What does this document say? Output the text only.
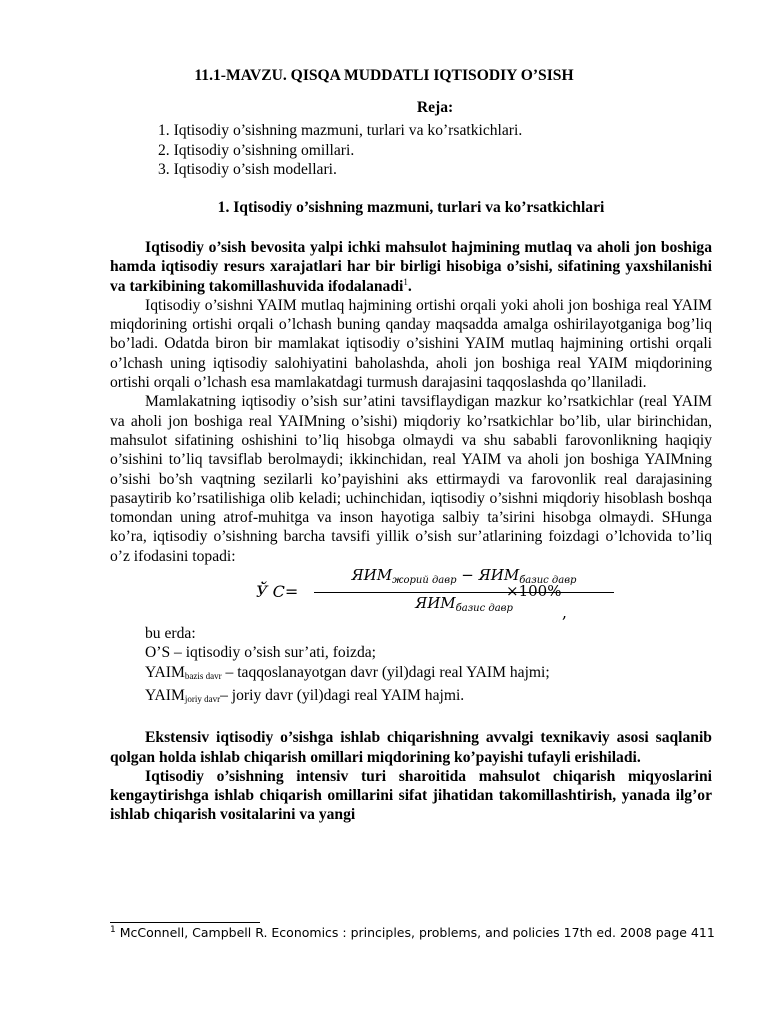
11.1-MAVZU. QISQA MUDDATLI IQTISODIY O’SISH
Reja:
1. Iqtisodiy o’sishning mazmuni, turlari va ko’rsatkichlari.
2. Iqtisodiy o’sishning omillari.
3. Iqtisodiy o’sish modellari.
1. Iqtisodiy o’sishning mazmuni, turlari va ko’rsatkichlari

Iqtisodiy o’sish bevosita yalpi ichki mahsulot hajmining mutlaq va aholi jon boshiga hamda iqtisodiy resurs xarajatlari har bir birligi hisobiga o’sishi, sifatining yaxshilanishi va tarkibining takomillashuvida ifodalanadi$^1$.

Iqtisodiy o’sishni YAIM mutlaq hajmining ortishi orqali yoki aholi jon boshiga real YAIM miqdorining ortishi orqali o’lchash buning qanday maqsadda amalga oshirilayotganiga bog’liq bo’ladi. Odatda biron bir mamlakat iqtisodiy o’sishini YAIM mutlaq hajmining ortishi orqali o’lchash uning iqtisodiy salohiyatini baholashda, aholi jon boshiga real YAIM miqdorining ortishi orqali o’lchash esa mamlakatdagi turmush darajasini taqqoslashda qo’llaniladi.

Mamlakatning iqtisodiy o’sish sur’atini tavsiflaydigan mazkur ko’rsatkichlar (real YAIM va aholi jon boshiga real YAIMning o’sishi) miqdoriy ko’rsatkichlar bo’lib, ular birinchidan, mahsulot sifatining oshishini to’liq hisobga olmaydi va shu sababli farovonlikning haqiqiy o’sishini to’liq tavsiflab berolmaydi; ikkinchidan, real YAIM va aholi jon boshiga YAIMning o’sishi bo’sh vaqtning sezilarli ko’payishini aks ettirmaydi va farovonlik real darajasining pasaytirib ko’rsatilishiga olib keladi; uchinchidan, iqtisodiy o’sishni miqdoriy hisoblash boshqa tomondan uning atrof-muhitga va inson hayotiga salbiy ta’sirini hisobga olmaydi. SHunga ko’ra, iqtisodiy o’sishning barcha tavsifi yillik o’sish sur’atlarining foizdagi o’lchovida to’liq o’z ifodasini topadi:

Ў С=
$ЯИМ_{жорий давр} - ЯИМ_{базис давр}$
$ЯИМ_{базис давр}$
×100%
,

bu erda:

O’S – iqtisodiy o’sish sur’ati, foizda;

YAIMbazis davr – taqqoslanayotgan davr (yil)dagi real YAIM hajmi;

YAIMjoriy davr– joriy davr (yil)dagi real YAIM hajmi.

Ekstensiv iqtisodiy o’sishga ishlab chiqarishning avvalgi texnikaviy asosi saqlanib qolgan holda ishlab chiqarish omillari miqdorining ko’payishi tufayli erishiladi.

Iqtisodiy o’sishning intensiv turi sharoitida mahsulot chiqarish miqyoslarini kengaytirishga ishlab chiqarish omillarini sifat jihatidan takomillashtirish, yanada ilg’or ishlab chiqarish vositalarini va yangi

$^1$ McConnell, Campbell R. Economics : principles, problems, and policies 17th ed. 2008 page 411
